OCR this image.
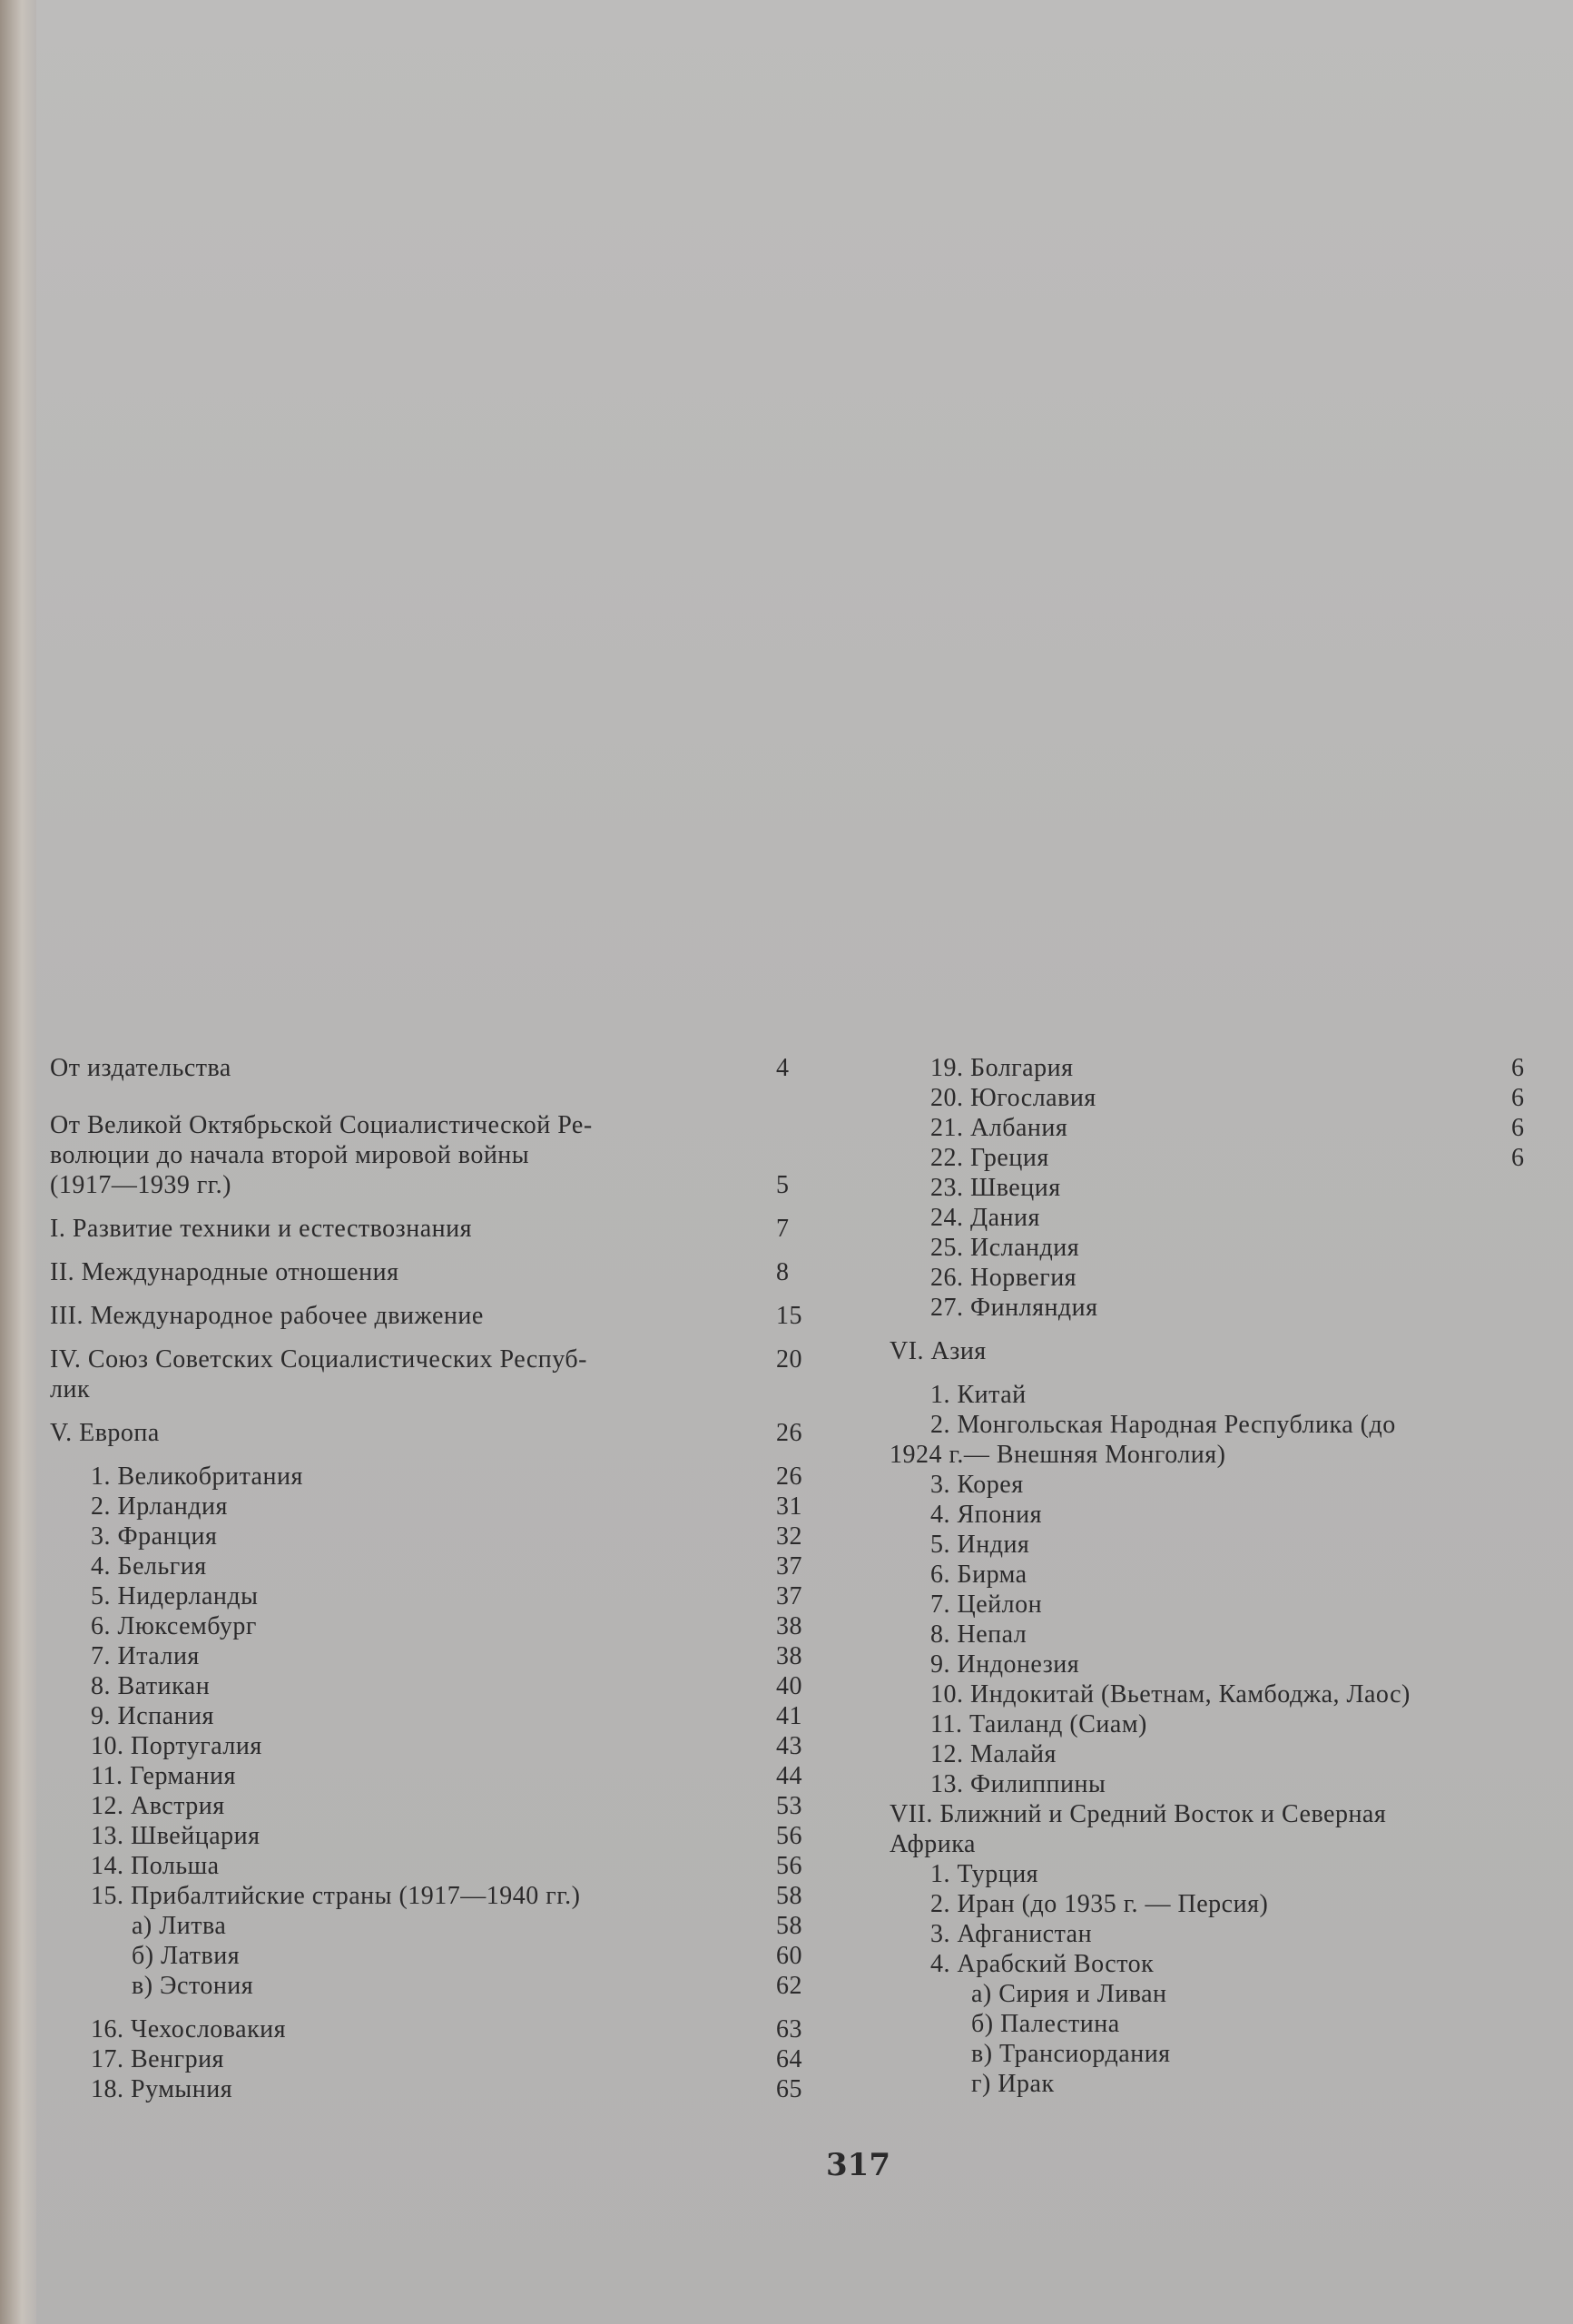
От издательства	4
От Великой Октябрьской Социалистической Ре-
волюции до начала второй мировой войны
(1917—1939 гг.)	5
I. Развитие техники и естествознания	7
II. Международные отношения	8
III. Международное рабочее движение	15
IV. Союз Советских Социалистических Респуб-	20
лик
V. Европа	26
1. Великобритания	26
2. Ирландия	31
3. Франция	32
4. Бельгия	37
5. Нидерланды	37
6. Люксембург	38
7. Италия	38
8. Ватикан	40
9. Испания	41
10. Португалия	43
11. Германия	44
12. Австрия	53
13. Швейцария	56
14. Польша	56
15. Прибалтийские страны (1917—1940 гг.)	58
а) Литва	58
б) Латвия	60
в) Эстония	62
16. Чехословакия	63
17. Венгрия	64
18. Румыния	65
19. Болгария	6
20. Югославия	6
21. Албания	6
22. Греция	6
23. Швеция
24. Дания
25. Исландия
26. Норвегия
27. Финляндия
VI. Азия
1. Китай
2. Монгольская Народная Республика (до
1924 г.— Внешняя Монголия)
3. Корея
4. Япония
5. Индия
6. Бирма
7. Цейлон
8. Непал
9. Индонезия
10. Индокитай (Вьетнам, Камбоджа, Лаос)
11. Таиланд (Сиам)
12. Малайя
13. Филиппины
VII. Ближний и Средний Восток и Северная
Африка
1. Турция
2. Иран (до 1935 г. — Персия)
3. Афганистан
4. Арабский Восток
а) Сирия и Ливан
б) Палестина
в) Трансиордания
г) Ирак
317
